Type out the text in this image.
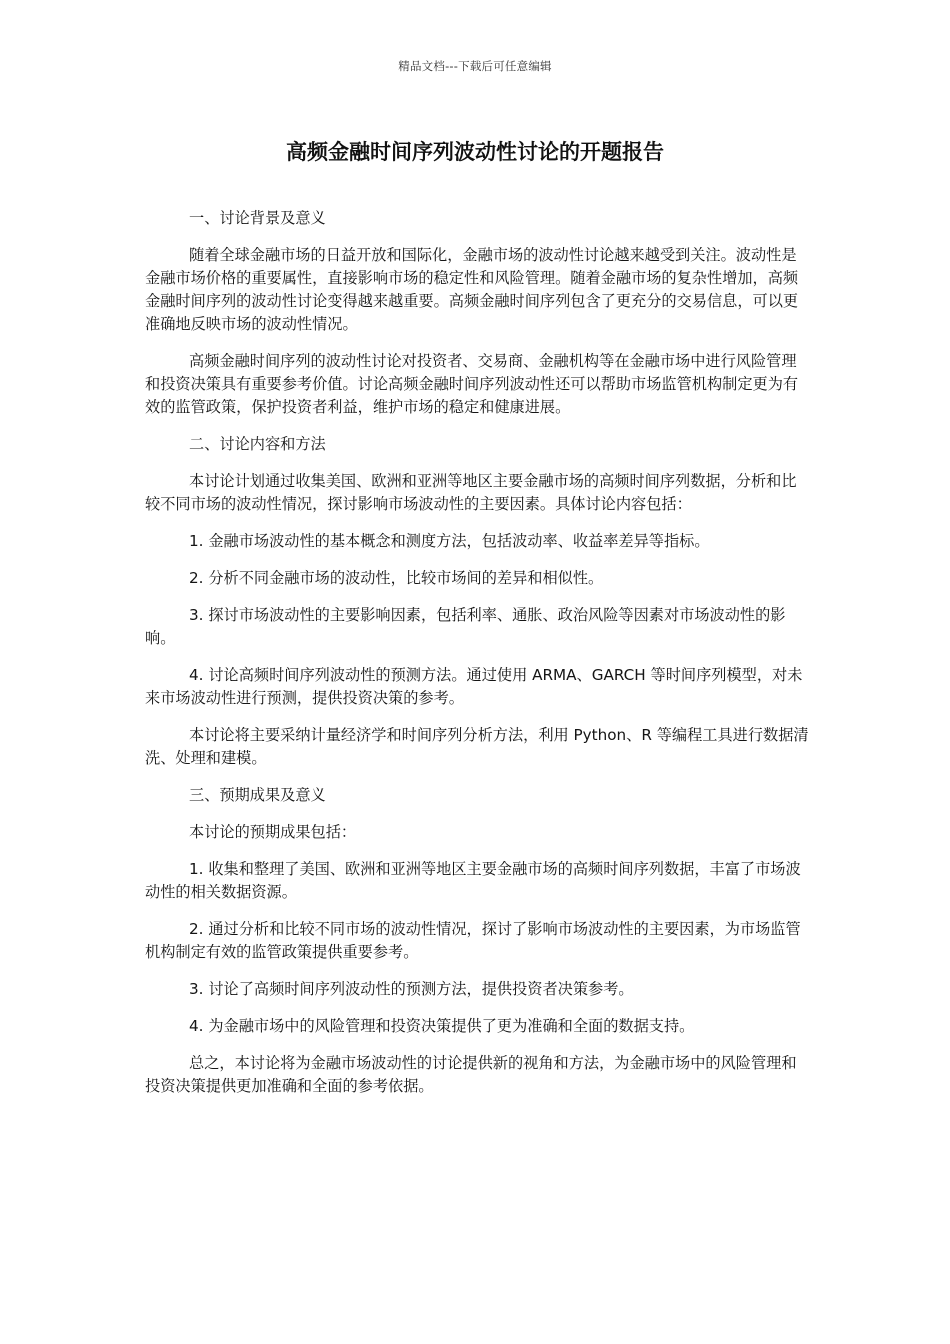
精品文档---下载后可任意编辑
高频金融时间序列波动性讨论的开题报告

一、讨论背景及意义

随着全球金融市场的日益开放和国际化，金融市场的波动性讨论越来越受到关注。波动性是金融市场价格的重要属性，直接影响市场的稳定性和风险管理。随着金融市场的复杂性增加，高频金融时间序列的波动性讨论变得越来越重要。高频金融时间序列包含了更充分的交易信息，可以更准确地反映市场的波动性情况。

高频金融时间序列的波动性讨论对投资者、交易商、金融机构等在金融市场中进行风险管理和投资决策具有重要参考价值。讨论高频金融时间序列波动性还可以帮助市场监管机构制定更为有效的监管政策，保护投资者利益，维护市场的稳定和健康进展。

二、讨论内容和方法

本讨论计划通过收集美国、欧洲和亚洲等地区主要金融市场的高频时间序列数据，分析和比较不同市场的波动性情况，探讨影响市场波动性的主要因素。具体讨论内容包括：

1. 金融市场波动性的基本概念和测度方法，包括波动率、收益率差异等指标。

2. 分析不同金融市场的波动性，比较市场间的差异和相似性。

3. 探讨市场波动性的主要影响因素，包括利率、通胀、政治风险等因素对市场波动性的影响。

4. 讨论高频时间序列波动性的预测方法。通过使用 ARMA、GARCH 等时间序列模型，对未来市场波动性进行预测，提供投资决策的参考。

本讨论将主要采纳计量经济学和时间序列分析方法，利用 Python、R 等编程工具进行数据清洗、处理和建模。

三、预期成果及意义

本讨论的预期成果包括：

1. 收集和整理了美国、欧洲和亚洲等地区主要金融市场的高频时间序列数据，丰富了市场波动性的相关数据资源。

2. 通过分析和比较不同市场的波动性情况，探讨了影响市场波动性的主要因素，为市场监管机构制定有效的监管政策提供重要参考。

3. 讨论了高频时间序列波动性的预测方法，提供投资者决策参考。

4. 为金融市场中的风险管理和投资决策提供了更为准确和全面的数据支持。

总之，本讨论将为金融市场波动性的讨论提供新的视角和方法，为金融市场中的风险管理和投资决策提供更加准确和全面的参考依据。
